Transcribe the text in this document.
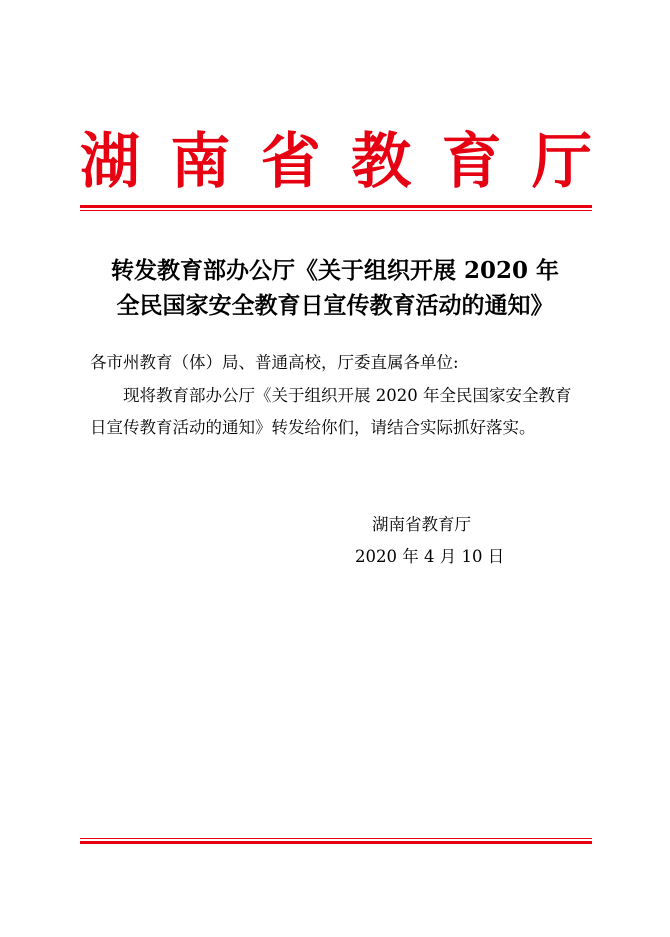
湖 南 省 教 育 厅
转发教育部办公厅《关于组织开展 2020 年
全民国家安全教育日宣传教育活动的通知》
各市州教育（体）局、普通高校，厅委直属各单位:
现将教育部办公厅《关于组织开展 2020 年全民国家安全教育
日宣传教育活动的通知》转发给你们，请结合实际抓好落实。
湖南省教育厅
2020 年 4 月 10 日
